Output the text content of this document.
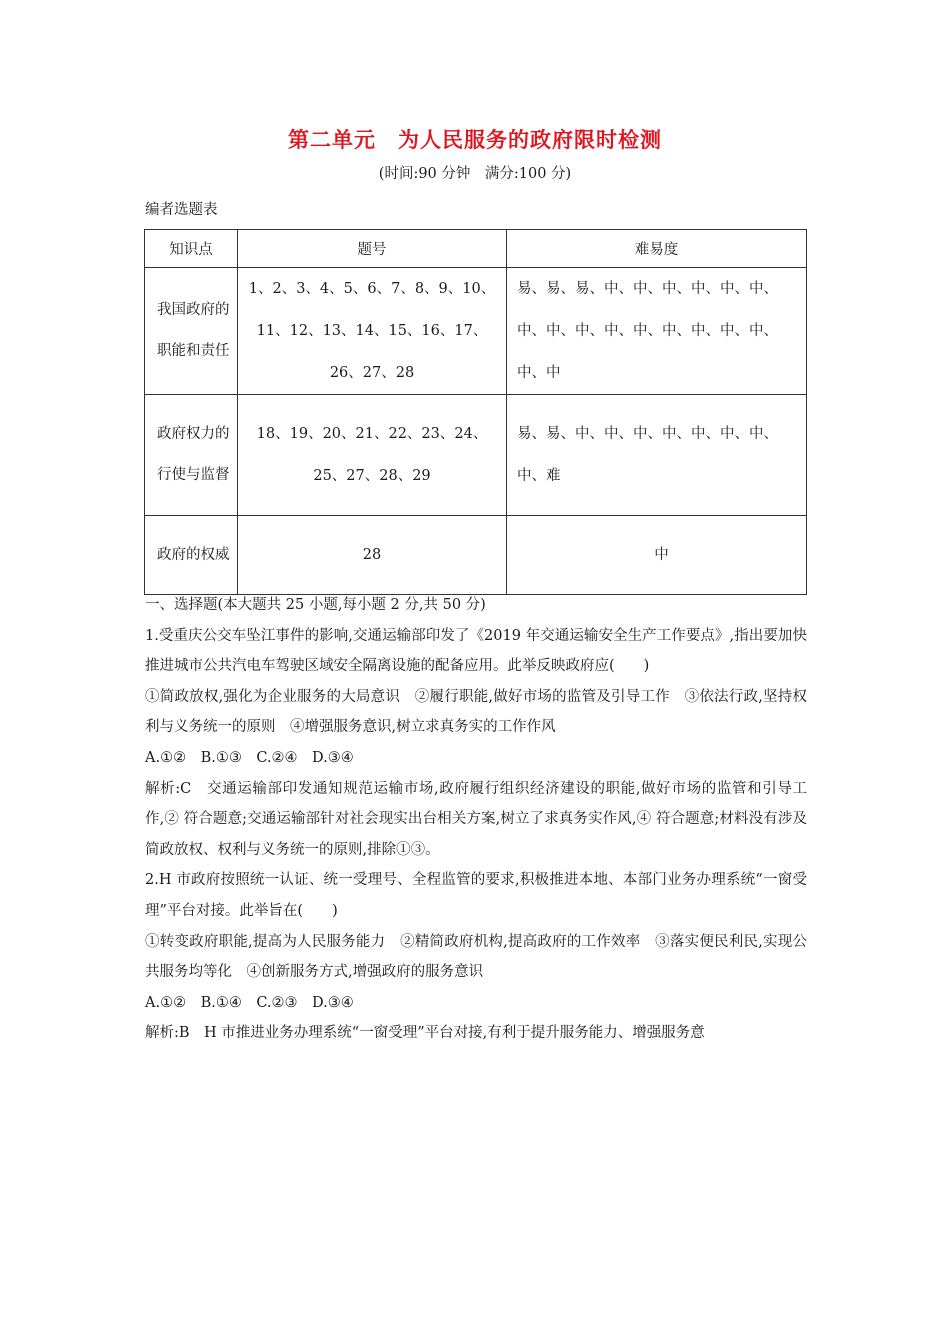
第二单元　为人民服务的政府限时检测
(时间:90 分钟　满分:100 分)
编者选题表
知识点	题号	难易度
我国政府的职能和责任	1、2、3、4、5、6、7、8、9、10、11、12、13、14、15、16、17、26、27、28	易、易、易、中、中、中、中、中、中、中、中、中、中、中、中、中、中、中、中、中
政府权力的行使与监督	18、19、20、21、22、23、24、25、27、28、29	易、易、中、中、中、中、中、中、中、中、难
政府的权威	28	中

一、选择题(本大题共 25 小题,每小题 2 分,共 50 分)

1.受重庆公交车坠江事件的影响,交通运输部印发了《2019 年交通运输安全生产工作要点》,指出要加快推进城市公共汽电车驾驶区域安全隔离设施的配备应用。此举反映政府应(　　)

①简政放权,强化为企业服务的大局意识　②履行职能,做好市场的监管及引导工作　③依法行政,坚持权利与义务统一的原则　④增强服务意识,树立求真务实的工作作风

A.①②　B.①③　C.②④　D.③④

解析:C　交通运输部印发通知规范运输市场,政府履行组织经济建设的职能,做好市场的监管和引导工作,② 符合题意;交通运输部针对社会现实出台相关方案,树立了求真务实作风,④ 符合题意;材料没有涉及简政放权、权利与义务统一的原则,排除①③。

2.H 市政府按照统一认证、统一受理号、全程监管的要求,积极推进本地、本部门业务办理系统“一窗受理”平台对接。此举旨在(　　)

①转变政府职能,提高为人民服务能力　②精简政府机构,提高政府的工作效率　③落实便民利民,实现公共服务均等化　④创新服务方式,增强政府的服务意识

A.①②　B.①④　C.②③　D.③④

解析:B　H 市推进业务办理系统“一窗受理”平台对接,有利于提升服务能力、增强服务意
